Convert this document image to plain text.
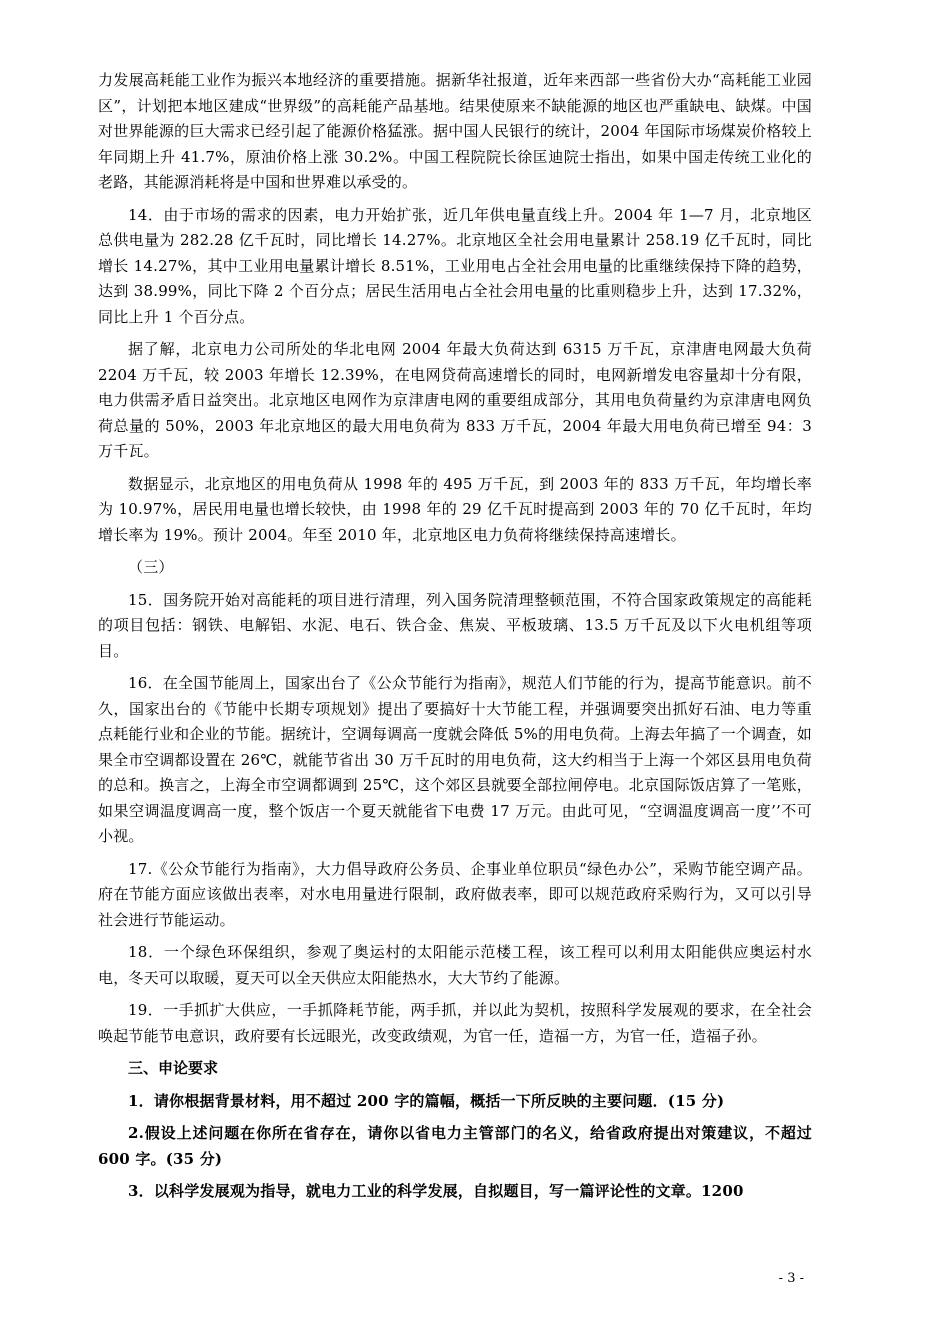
力发展高耗能工业作为振兴本地经济的重要措施。据新华社报道，近年来西部一些省份大办“高耗能工业园区”，计划把本地区建成“世界级”的高耗能产品基地。结果使原来不缺能源的地区也严重缺电、缺煤。中国对世界能源的巨大需求已经引起了能源价格猛涨。据中国人民银行的统计，2004 年国际市场煤炭价格较上年同期上升 41.7%，原油价格上涨 30.2%。中国工程院院长徐匡迪院士指出，如果中国走传统工业化的老路，其能源消耗将是中国和世界难以承受的。

14．由于市场的需求的因素，电力开始扩张，近几年供电量直线上升。2004 年 1—7 月，北京地区总供电量为 282.28 亿千瓦时，同比增长 14.27%。北京地区全社会用电量累计 258.19 亿千瓦时，同比增长 14.27%，其中工业用电量累计增长 8.51%，工业用电占全社会用电量的比重继续保持下降的趋势，达到 38.99%，同比下降 2 个百分点；居民生活用电占全社会用电量的比重则稳步上升，达到 17.32%，同比上升 1 个百分点。

据了解，北京电力公司所处的华北电网 2004 年最大负荷达到 6315 万千瓦，京津唐电网最大负荷 2204 万千瓦，较 2003 年增长 12.39%，在电网贷荷高速增长的同时，电网新增发电容量却十分有限，电力供需矛盾日益突出。北京地区电网作为京津唐电网的重要组成部分，其用电负荷量约为京津唐电网负荷总量的 50%，2003 年北京地区的最大用电负荷为 833 万千瓦，2004 年最大用电负荷已增至 94：3 万千瓦。

数据显示，北京地区的用电负荷从 1998 年的 495 万千瓦，到 2003 年的 833 万千瓦，年均增长率为 10.97%，居民用电量也增长较快，由 1998 年的 29 亿千瓦时提高到 2003 年的 70 亿千瓦时，年均增长率为 19%。预计 2004。年至 2010 年，北京地区电力负荷将继续保持高速增长。

（三）

15．国务院开始对高能耗的项目进行清理，列入国务院清理整顿范围，不符合国家政策规定的高能耗的项目包括：钢铁、电解铝、水泥、电石、铁合金、焦炭、平板玻璃、13.5 万千瓦及以下火电机组等项目。

16．在全国节能周上，国家出台了《公众节能行为指南》，规范人们节能的行为，提高节能意识。前不久，国家出台的《节能中长期专项规划》提出了要搞好十大节能工程，并强调要突出抓好石油、电力等重点耗能行业和企业的节能。据统计，空调每调高一度就会降低 5%的用电负荷。上海去年搞了一个调查，如果全市空调都设置在 26℃，就能节省出 30 万千瓦时的用电负荷，这大约相当于上海一个郊区县用电负荷的总和。换言之，上海全市空调都调到 25℃，这个郊区县就要全部拉闸停电。北京国际饭店算了一笔账，如果空调温度调高一度，整个饭店一个夏天就能省下电费 17 万元。由此可见，“空调温度调高一度’’不可小视。

17.《公众节能行为指南》，大力倡导政府公务员、企事业单位职员“绿色办公”，采购节能空调产品。府在节能方面应该做出表率，对水电用量进行限制，政府做表率，即可以规范政府采购行为，又可以引导社会进行节能运动。

18．一个绿色环保组织，参观了奥运村的太阳能示范楼工程，该工程可以利用太阳能供应奥运村水电，冬天可以取暖，夏天可以全天供应太阳能热水，大大节约了能源。

19．一手抓扩大供应，一手抓降耗节能，两手抓，并以此为契机，按照科学发展观的要求，在全社会唤起节能节电意识，政府要有长远眼光，改变政绩观，为官一任，造福一方，为官一任，造福子孙。

三、申论要求

1．请你根据背景材料，用不超过 200 字的篇幅，概括一下所反映的主要问题．(15 分)

2.假设上述问题在你所在省存在，请你以省电力主管部门的名义，给省政府提出对策建议，不超过 600 字。(35 分)

3．以科学发展观为指导，就电力工业的科学发展，自拟题目，写一篇评论性的文章。1200

- 3 -
